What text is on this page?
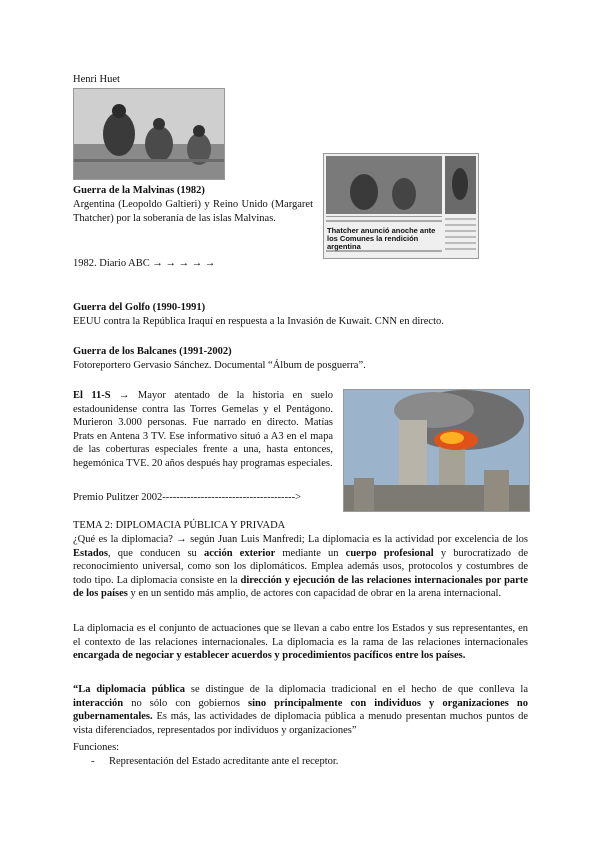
Henri Huet
Guerra de la Malvinas (1982)
Argentina (Leopoldo Galtieri) y Reino Unido (Margaret Thatcher) por la soberanía de las islas Malvinas.
1982. Diario ABC → → → → →
Thatcher anunció anoche ante los Comunes la rendición argentina
Guerra del Golfo (1990-1991)
EEUU contra la República Iraquí en respuesta a la Invasión de Kuwait. CNN en directo.
Guerra de los Balcanes (1991-2002)
Fotoreportero Gervasio Sánchez. Documental “Álbum de posguerra”.
El 11-S → Mayor atentado de la historia en suelo estadounidense contra las Torres Gemelas y el Pentágono. Murieron 3.000 personas. Fue narrado en directo. Matías Prats en Antena 3 TV. Ese informativo situó a A3 en el mapa de las coberturas especiales frente a una, hasta entonces, hegemónica TVE. 20 años después hay programas especiales.
Premio Pulitzer 2002-------------------------------------->
TEMA 2: DIPLOMACIA PÚBLICA Y PRIVADA
¿Qué es la diplomacia? → según Juan Luis Manfredi; La diplomacia es la actividad por excelencia de los Estados, que conducen su acción exterior mediante un cuerpo profesional y burocratizado de reconocimiento universal, como son los diplomáticos. Emplea además usos, protocolos y costumbres de todo tipo. La diplomacia consiste en la dirección y ejecución de las relaciones internacionales por parte de los países y en un sentido más amplio, de actores con capacidad de obrar en la arena internacional.
La diplomacia es el conjunto de actuaciones que se llevan a cabo entre los Estados y sus representantes, en el contexto de las relaciones internacionales. La diplomacia es la rama de las relaciones internacionales encargada de negociar y establecer acuerdos y procedimientos pacíficos entre los países.
“La diplomacia pública se distingue de la diplomacia tradicional en el hecho de que conlleva la interacción no sólo con gobiernos sino principalmente con individuos y organizaciones no gubernamentales. Es más, las actividades de diplomacia pública a menudo presentan muchos puntos de vista diferenciados, representados por individuos y organizaciones”
Funciones:
-	Representación del Estado acreditante ante el receptor.
